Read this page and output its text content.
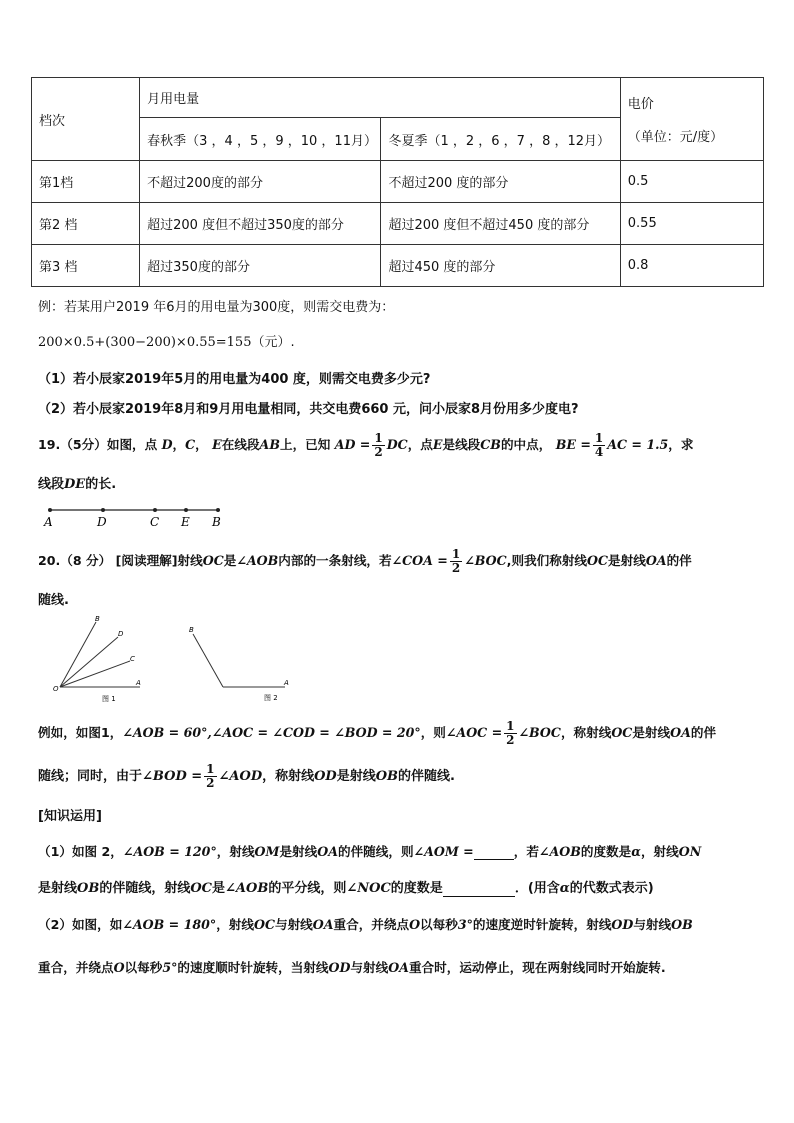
档次	月用电量		电价
（单位：元/度）

	春秋季（3 ，4 ，5 ，9 ，10 ，11月）	冬夏季（1 ，2 ，6 ，7 ，8 ，12月）	
第1档	不超过200度的部分	不超过200 度的部分	0.5
第2 档	超过200 度但不超过350度的部分	超过200 度但不超过450 度的部分	0.55
第3 档	超过350度的部分	超过450 度的部分	0.8
例：若某用户2019 年6月的用电量为300度，则需交电费为：
200×0.5+(300−200)×0.55=155（元）.
（1）若小辰家2019年5月的用电量为400 度，则需交电费多少元?
（2）若小辰家2019年8月和9月用电量相同，共交电费660 元，问小辰家8月份用多少度电?
19.（5分）如图，点 D，C， E在线段AB上，已知 AD = $\frac{1}{2}$ DC，点E是线段CB的中点， BE = $\frac{1}{4}$ AC = 1.5，求
线段DE的长.
A	D	C E B
20.（8 分） [阅读理解]射线OC是∠AOB内部的一条射线，若∠COA = $\frac{1}{2}$ ∠BOC,则我们称射线OC是射线OA的伴
随线.
B
D
C
O
A
图 1
B
A
图 2
例如，如图1，∠AOB = 60°,∠AOC = ∠COD = ∠BOD = 20°，则∠AOC = $\frac{1}{2}$ ∠BOC，称射线OC是射线OA的伴
随线；同时，由于∠BOD = $\frac{1}{2}$ ∠AOD，称射线OD是射线OB的伴随线.
[知识运用]
（1）如图 2，∠AOB = 120°，射线OM是射线OA的伴随线，则∠AOM =	，若∠AOB的度数是α，射线ON
是射线OB的伴随线，射线OC是∠AOB的平分线，则∠NOC的度数是	．(用含α的代数式表示)
（2）如图，如∠AOB = 180°，射线OC与射线OA重合，并绕点O以每秒3°的速度逆时针旋转，射线OD与射线OB
重合，并绕点O以每秒5°的速度顺时针旋转，当射线OD与射线OA重合时，运动停止，现在两射线同时开始旋转.
